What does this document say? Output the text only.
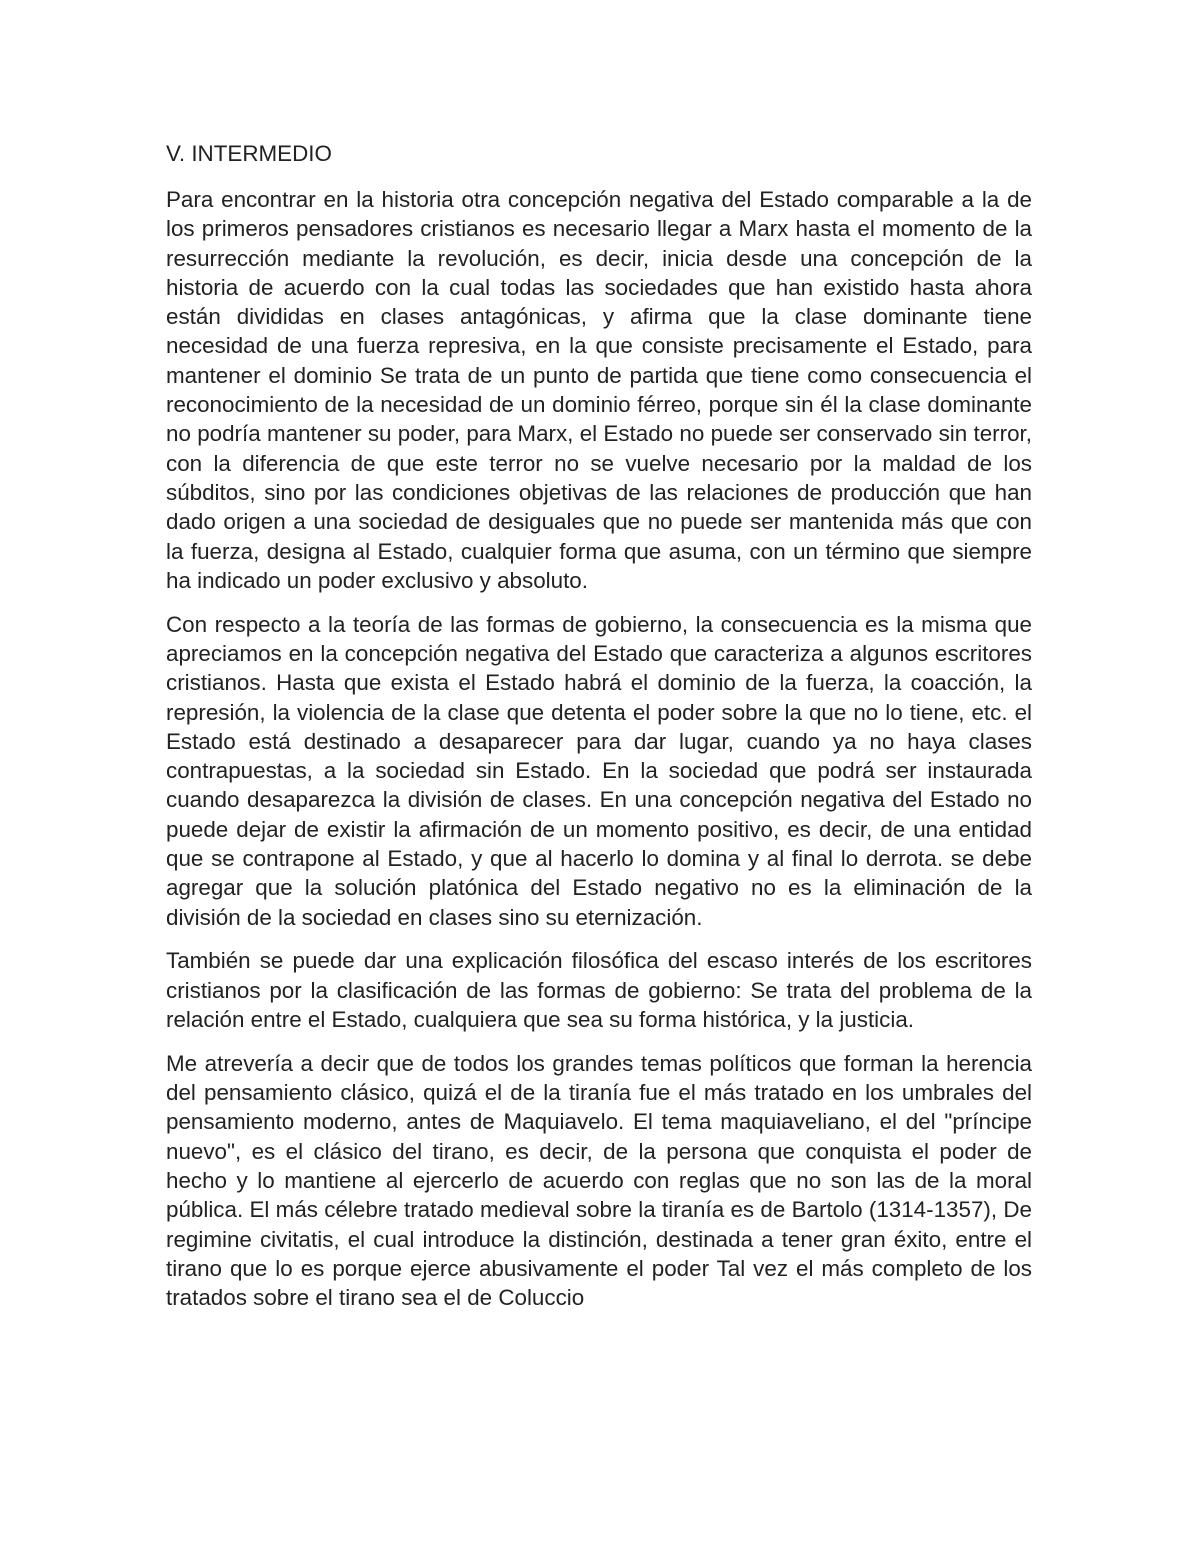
V. INTERMEDIO

Para encontrar en la historia otra concepción negativa del Estado comparable a la de los primeros pensadores cristianos es necesario llegar a Marx hasta el momento de la resurrección mediante la revolución, es decir, inicia desde una concepción de la historia de acuerdo con la cual todas las sociedades que han existido hasta ahora están divididas en clases antagónicas, y afirma que la clase dominante tiene necesidad de una fuerza represiva, en la que consiste precisamente el Estado, para mantener el dominio Se trata de un punto de partida que tiene como consecuencia el reconocimiento de la necesidad de un dominio férreo, porque sin él la clase dominante no podría mantener su poder, para Marx, el Estado no puede ser conservado sin terror, con la diferencia de que este terror no se vuelve necesario por la maldad de los súbditos, sino por las condiciones objetivas de las relaciones de producción que han dado origen a una sociedad de desiguales que no puede ser mantenida más que con la fuerza, designa al Estado, cualquier forma que asuma, con un término que siempre ha indicado un poder exclusivo y absoluto.

Con respecto a la teoría de las formas de gobierno, la consecuencia es la misma que apreciamos en la concepción negativa del Estado que caracteriza a algunos escritores cristianos. Hasta que exista el Estado habrá el dominio de la fuerza, la coacción, la represión, la violencia de la clase que detenta el poder sobre la que no lo tiene, etc. el Estado está destinado a desaparecer para dar lugar, cuando ya no haya clases contrapuestas, a la sociedad sin Estado. En la sociedad que podrá ser instaurada cuando desaparezca la división de clases. En una concepción negativa del Estado no puede dejar de existir la afirmación de un momento positivo, es decir, de una entidad que se contrapone al Estado, y que al hacerlo lo domina y al final lo derrota. se debe agregar que la solución platónica del Estado negativo no es la eliminación de la división de la sociedad en clases sino su eternización.

También se puede dar una explicación filosófica del escaso interés de los escritores cristianos por la clasificación de las formas de gobierno: Se trata del problema de la relación entre el Estado, cualquiera que sea su forma histórica, y la justicia.

Me atrevería a decir que de todos los grandes temas políticos que forman la herencia del pensamiento clásico, quizá el de la tiranía fue el más tratado en los umbrales del pensamiento moderno, antes de Maquiavelo. El tema maquiaveliano, el del "príncipe nuevo", es el clásico del tirano, es decir, de la persona que conquista el poder de hecho y lo mantiene al ejercerlo de acuerdo con reglas que no son las de la moral pública. El más célebre tratado medieval sobre la tiranía es de Bartolo (1314-1357), De regimine civitatis, el cual introduce la distinción, destinada a tener gran éxito, entre el tirano que lo es porque ejerce abusivamente el poder Tal vez el más completo de los tratados sobre el tirano sea el de Coluccio
